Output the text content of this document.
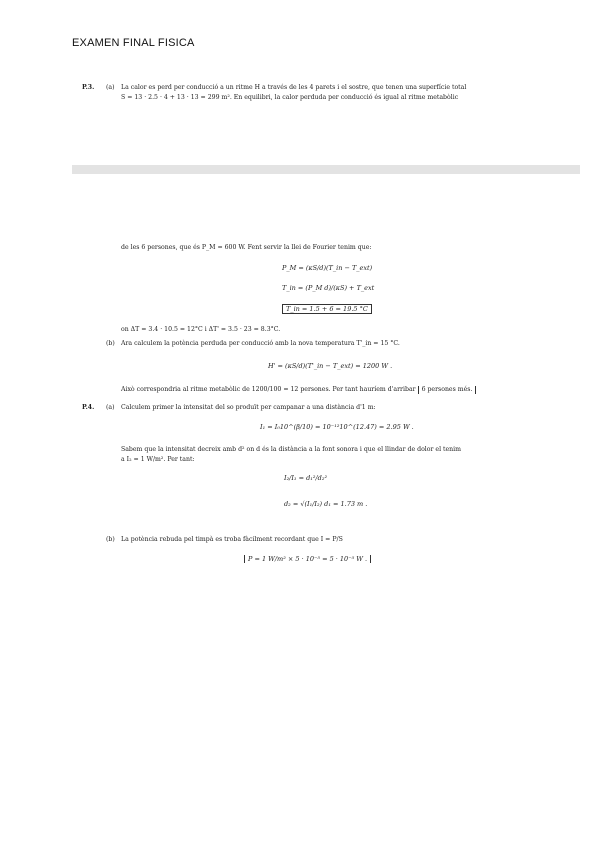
EXAMEN FINAL FISICA
P.3. (a) La calor es perd per conducció a un ritme H a través de les 4 parets i el sostre, que tenen una superfície total
S = 13 · 2.5 · 4 + 13 · 13 = 299 m². En equilibri, la calor perduda per conducció és igual al ritme metabòlic
de les 6 persones, que és P_M = 600 W. Fent servir la llei de Fourier tenim que:
P_M = (κS/d)(T_in − T_ext)
T_in = (P_M d)/(κS) + T_ext
T_in = 1.5 + 6 = 19.5 °C
on ΔT = 3.4 · 10.5 = 12°C i ΔT' = 3.5 · 23 = 8.3°C.
(b) Ara calculem la potència perduda per conducció amb la nova temperatura T'_in = 15 °C.
H' = (κS/d)(T'_in − T_ext) = 1200 W .
Això correspondria al ritme metabòlic de 1200/100 = 12 persones. Per tant hauríem d'arribar 6 persones més.
P.4. (a) Calculem primer la intensitat del so produït per campanar a una distància d'1 m:
I₁ = I₀10^(β/10) = 10⁻¹²10^(12.47) = 2.95 W .
Sabem que la intensitat decreix amb d² on d és la distància a la font sonora i que el llindar de dolor el tenim
a I₂ = 1 W/m². Per tant:
I₂/I₁ = d₁²/d₂²
d₂ = √(I₁/I₂) d₁ = 1.73 m .
(b) La potència rebuda pel timpà es troba fàcilment recordant que I = P/S
P = 1 W/m² × 5 · 10⁻⁵ = 5 · 10⁻⁵ W .
